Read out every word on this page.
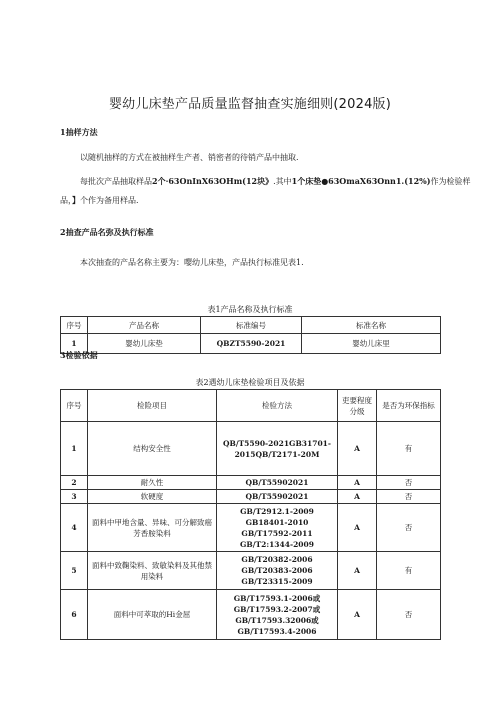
婴幼儿床垫产品质量监督抽查实施细则(2024版)
1抽样方法
以随机抽样的方式在被抽样生产者、销密者的待销产品中抽取.
每批次产品抽取样品2个·63OnInX63OHm(12块》.其中1个床垫●63OmaX63Onn1.(12%)作为检验样
品，】个作为备用样品.
2抽查产品名弥及执行标准
本次抽查的产品名称主要为：嘤幼儿床垫，产品执行标准见表1.
表1产品名称及执行标准
序号	产品名称	标准编号	标准名称
1	婴幼儿床垫	QBZT5590-2021	婴幼儿床里
3检验依据
表2遇幼儿床垫检验项目及依据
序号	检险项目	检验方法	吏要程度分级	是否为环保指标
1	结构安全性	QB/T5590-2021GB31701-
2015QB/T2171-20M	A	有
2	耐久性	QB/T55902021	A	否
3	软硬度	QB/T55902021	A	否
4	面料中甲地含量、异味、可分解致癌芳香胺染料	GB/T2912.1-2009
GB18401-2010
GB/T17592-2011
GB/T2:1344-2009	A	否
5	面料中致鞠染料、致敏染料及其他禁用染料	GB/T20382-2006
GB/T20383-2006
GB/T23315-2009	A	有
6	面料中可萃取的Hi金屈	GB/T17593.1-2006或
GB/T17593.2-2007或
GB/T17593.32006或
GB/T17593.4-2006	A	否
